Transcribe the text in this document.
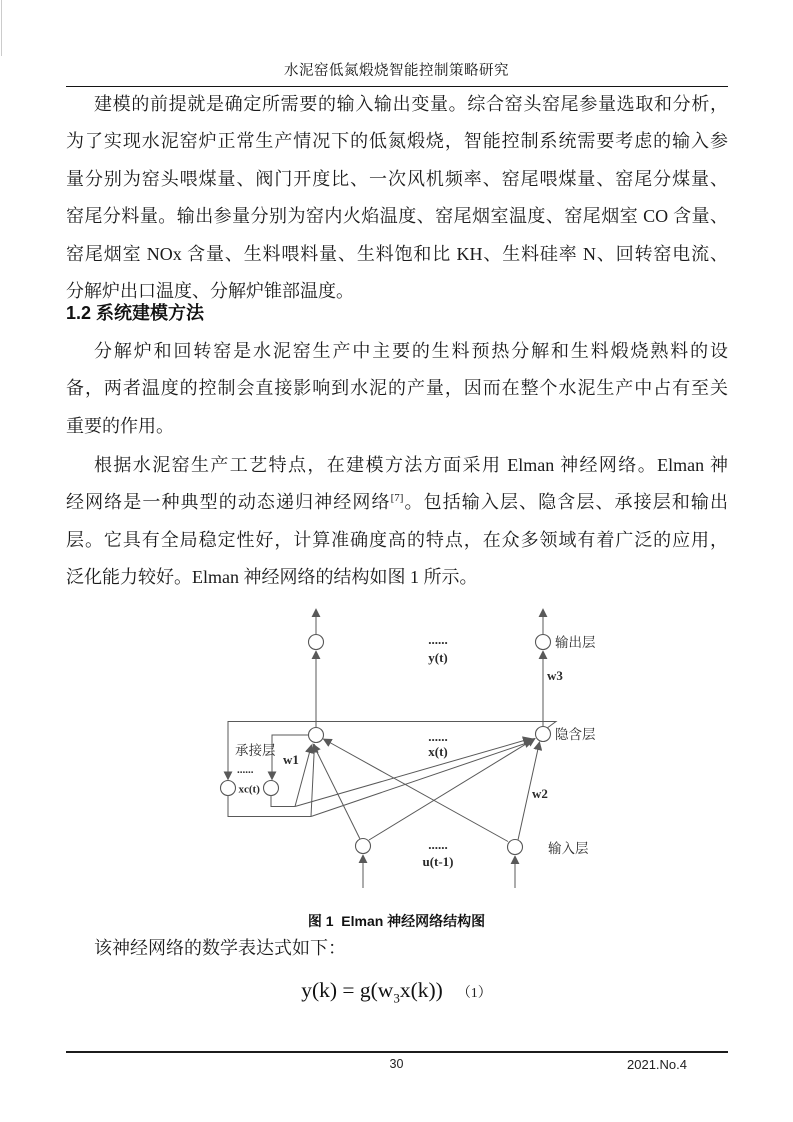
水泥窑低氮煅烧智能控制策略研究
建模的前提就是确定所需要的输入输出变量。综合窑头窑尾参量选取和分析，
为了实现水泥窑炉正常生产情况下的低氮煅烧，智能控制系统需要考虑的输入参
量分别为窑头喂煤量、阀门开度比、一次风机频率、窑尾喂煤量、窑尾分煤量、
窑尾分料量。输出参量分别为窑内火焰温度、窑尾烟室温度、窑尾烟室 CO 含量、
窑尾烟室 NOx 含量、生料喂料量、生料饱和比 KH、生料硅率 N、回转窑电流、
分解炉出口温度、分解炉锥部温度。
1.2 系统建模方法
分解炉和回转窑是水泥窑生产中主要的生料预热分解和生料煅烧熟料的设
备，两者温度的控制会直接影响到水泥的产量，因而在整个水泥生产中占有至关
重要的作用。
根据水泥窑生产工艺特点，在建模方法方面采用 Elman 神经网络。Elman 神
经网络是一种典型的动态递归神经网络[7]。包括输入层、隐含层、承接层和输出
层。它具有全局稳定性好，计算准确度高的特点，在众多领域有着广泛的应用，
泛化能力较好。Elman 神经网络的结构如图 1 所示。
......
y(t)
输出层
w3
......
x(t)
隐含层
承接层
......
xc(t)
w1
w2
......
u(t-1)
输入层
图 1  Elman 神经网络结构图
该神经网络的数学表达式如下：
$y(k) = g(w_3x(k))$ （1）
30	2021.No.4
